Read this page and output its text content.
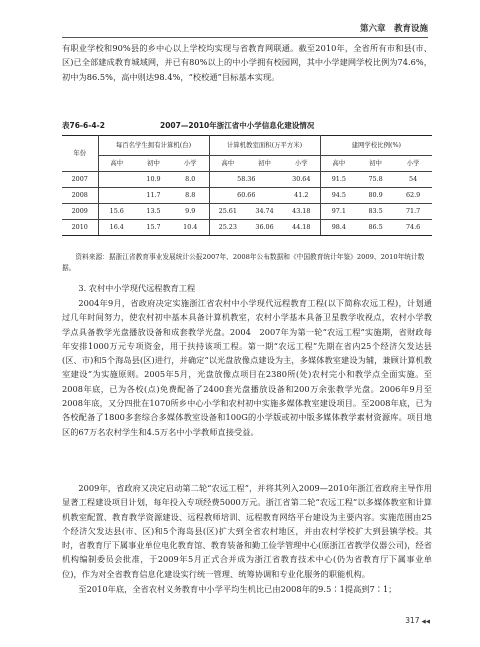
第六章　教育设施

有职业学校和90%县的乡中心以上学校均实现与省教育网联通。截至2010年，全省所有市和县(市、区)已全部建成教育城域网，并已有80%以上的中小学拥有校园网，其中小学建网学校比例为74.6%，初中为86.5%，高中则达98.4%，“校校通”目标基本实现。

表76-6-4-2	2007—2010年浙江省中小学信息化建设情况
年份	每百名学生拥有计算机(台)			计算机教室面积(万平方米)			建网学校比例(%)		
	高中	初中	小学	高中	初中	小学	高中	初中	小学
2007		10.9	8.0	58.36		30.64	91.5	75.8	54
2008		11.7	8.8	60.66		41.2	94.5	80.9	62.9
2009	15.6	13.5	9.9	25.61	34.74	43.18	97.1	83.5	71.7
2010	16.4	15.7	10.4	25.23	36.06	44.18	98.4	86.5	74.6

资料来源：据浙江省教育事业发展统计公报2007年、2008年公布数据和《中国教育统计年鉴》2009、2010年统计数据。

3. 农村中小学现代远程教育工程

2004年9月，省政府决定实施浙江省农村中小学现代远程教育工程(以下简称农远工程)，计划通过几年时间努力，使农村初中基本具备计算机教室，农村小学基本具备卫星教学收视点，农村小学教学点具备教学光盘播放设备和成套教学光盘。2004　2007年为第一轮“农远工程”实施期，省财政每年安排1000万元专项资金，用于扶持该项工程。第一期“农远工程”先期在省内25个经济欠发达县(区、市)和5个海岛县(区)进行，并确定“以光盘放像点建设为主，多媒体教室建设为辅，兼顾计算机教室建设”为实施原则。2005年5月，光盘放像点项目在2380所(处)农村完小和教学点全面实施。至2008年底，已为各校(点)免费配备了2400套光盘播放设备和200万余张教学光盘。2006年9月至2008年底，又分四批在1070所乡中心小学和农村初中实施多媒体教室建设项目。至2008年底，已为各校配备了1800多套综合多媒体教室设备和100G的小学版或初中版多媒体教学素材资源库。项目地区的67万名农村学生和4.5万名中小学教师直接受益。

2009年，省政府又决定启动第二轮“农远工程”，并将其列入2009—2010年浙江省政府主导作用显著工程建设项目计划，每年投入专项经费5000万元。浙江省第二轮“农远工程”以多媒体教室和计算机教室配置、教育教学资源建设、远程教师培训、远程教育网络平台建设为主要内容。实施范围由25个经济欠发达县(市、区)和5个海岛县(区)扩大到全省农村地区，并由农村学校扩大到县镇学校。其时，省教育厅下属事业单位电化教育馆、教育装备和勤工俭学管理中心(原浙江省教学仪器公司)，经省机构编制委员会批准，于2009年5月正式合并成为浙江省教育技术中心(仍为省教育厅下属事业单位)，作为对全省教育信息化建设实行统一管理、统筹协调和专业化服务的职能机构。

至2010年底，全省农村义务教育中小学平均生机比已由2008年的9.5∶1提高到7∶1；

317 ◀◀
